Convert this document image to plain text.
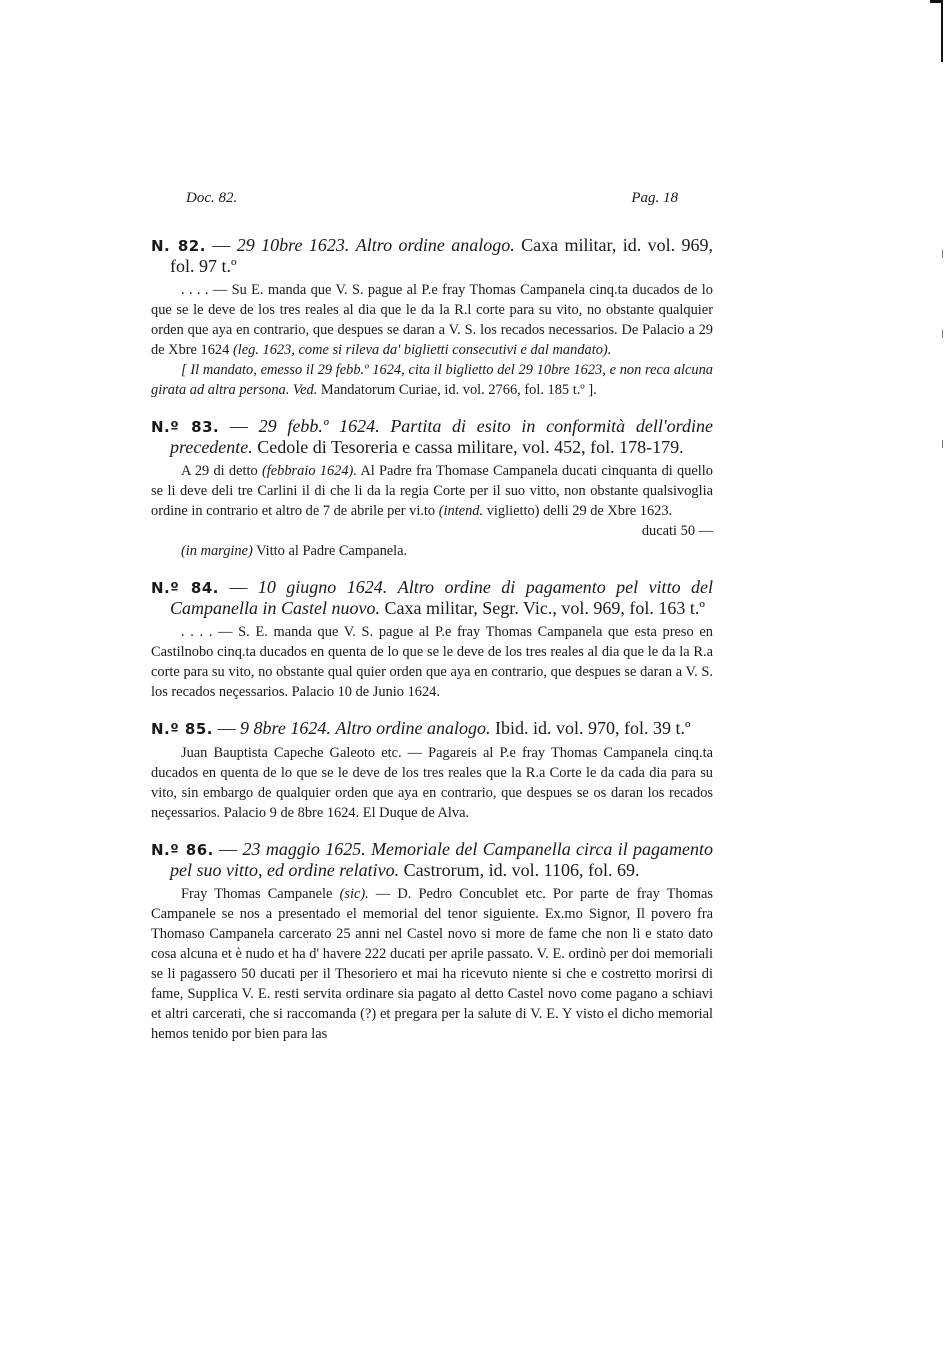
Doc. 82.	Pag. 18

N. 82. — 29 10bre 1623. Altro ordine analogo. Caxa militar, id. vol. 969, fol. 97 t.º

. . . . — Su E. manda que V. S. pague al P.e fray Thomas Campanela cinq.ta ducados de lo que se le deve de los tres reales al dia que le da la R.l corte para su vito, no obstante qualquier orden que aya en contrario, que despues se daran a V. S. los recados necessarios. De Palacio a 29 de Xbre 1624 (leg. 1623, come si rileva da' biglietti consecutivi e dal mandato).

[ Il mandato, emesso il 29 febb.º 1624, cita il biglietto del 29 10bre 1623, e non reca alcuna girata ad altra persona. Ved. Mandatorum Curiae, id. vol. 2766, fol. 185 t.º ].

N.º 83. — 29 febb.º 1624. Partita di esito in conformità dell'ordine precedente. Cedole di Tesoreria e cassa militare, vol. 452, fol. 178-179.

A 29 di detto (febbraio 1624). Al Padre fra Thomase Campanela ducati cinquanta di quello se li deve deli tre Carlini il di che li da la regia Corte per il suo vitto, non obstante qualsivoglia ordine in contrario et altro de 7 de abrile per vi.to (intend. viglietto) delli 29 de Xbre 1623.

ducati 50 —

(in margine) Vitto al Padre Campanela.

N.º 84. — 10 giugno 1624. Altro ordine di pagamento pel vitto del Campanella in Castel nuovo. Caxa militar, Segr. Vic., vol. 969, fol. 163 t.º

. . . . — S. E. manda que V. S. pague al P.e fray Thomas Campanela que esta preso en Castilnobo cinq.ta ducados en quenta de lo que se le deve de los tres reales al dia que le da la R.a corte para su vito, no obstante qual quier orden que aya en contrario, que despues se daran a V. S. los recados neçessarios. Palacio 10 de Junio 1624.

N.º 85. — 9 8bre 1624. Altro ordine analogo. Ibid. id. vol. 970, fol. 39 t.º

Juan Bauptista Capeche Galeoto etc. — Pagareis al P.e fray Thomas Campanela cinq.ta ducados en quenta de lo que se le deve de los tres reales que la R.a Corte le da cada dia para su vito, sin embargo de qualquier orden que aya en contrario, que despues se os daran los recados neçessarios. Palacio 9 de 8bre 1624. El Duque de Alva.

N.º 86. — 23 maggio 1625. Memoriale del Campanella circa il pagamento pel suo vitto, ed ordine relativo. Castrorum, id. vol. 1106, fol. 69.

Fray Thomas Campanele (sic). — D. Pedro Concublet etc. Por parte de fray Thomas Campanele se nos a presentado el memorial del tenor siguiente. Ex.mo Signor, Il povero fra Thomaso Campanela carcerato 25 anni nel Castel novo si more de fame che non li e stato dato cosa alcuna et è nudo et ha d' havere 222 ducati per aprile passato. V. E. ordinò per doi memoriali se li pagassero 50 ducati per il Thesoriero et mai ha ricevuto niente si che e costretto morirsi di fame, Supplica V. E. resti servita ordinare sia pagato al detto Castel novo come pagano a schiavi et altri carcerati, che si raccomanda (?) et pregara per la salute di V. E. Y visto el dicho memorial hemos tenido por bien para las
